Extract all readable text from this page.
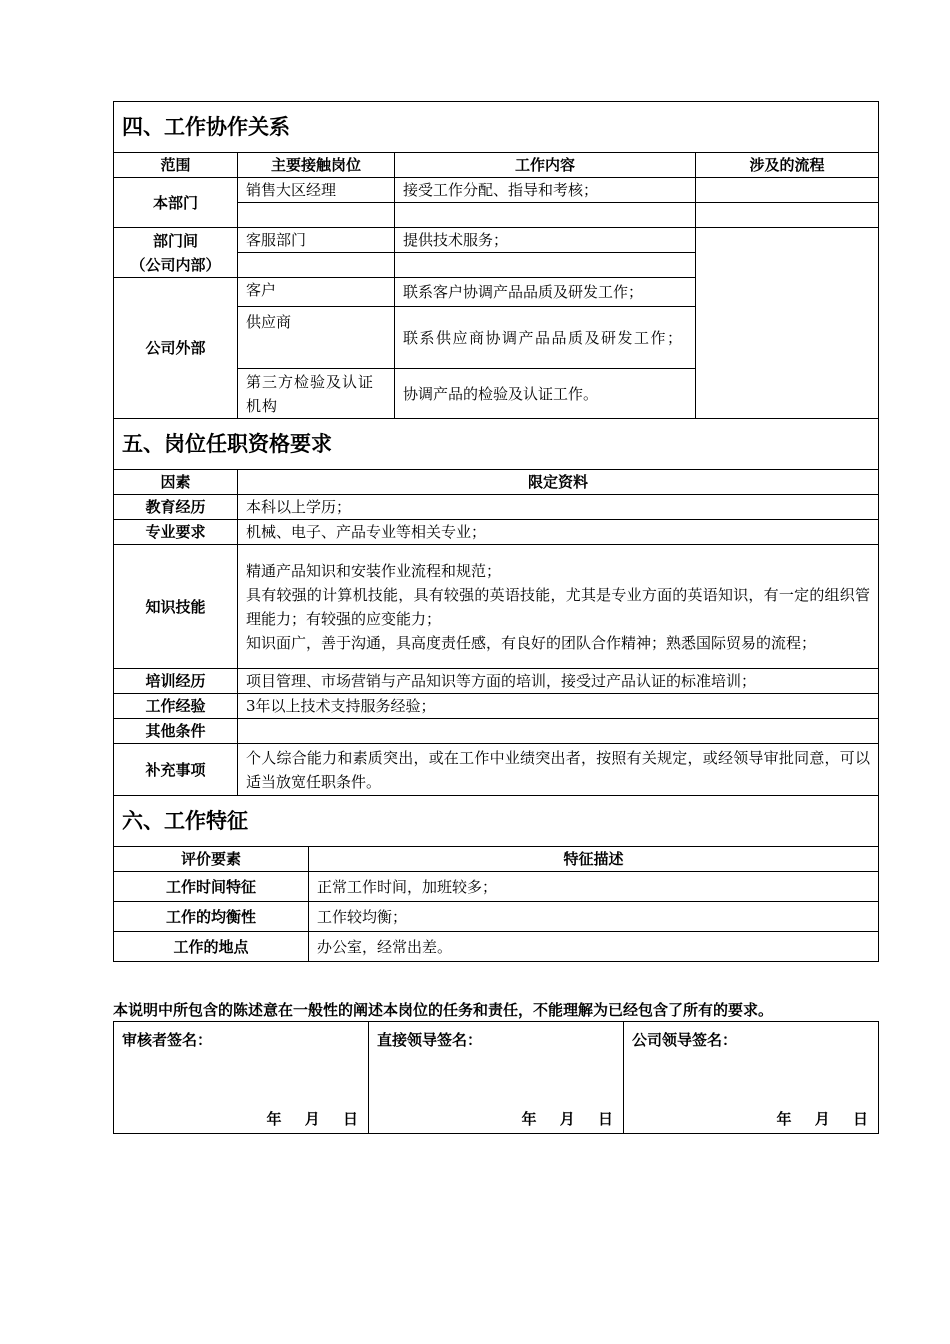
四、工作协作关系			
范围	主要接触岗位	工作内容	涉及的流程
本部门	销售大区经理	接受工作分配、指导和考核；	

部门间
（公司内部）	客服部门	提供技术服务；	

公司外部	客户	联系客户协调产品品质及研发工作；	
	供应商	联系供应商协调产品品质及研发工作；	
	第三方检验及认证机构	协调产品的检验及认证工作。	
五、岗位任职资格要求	
因素	限定资料
教育经历	本科以上学历；
专业要求	机械、电子、产品专业等相关专业；
知识技能	精通产品知识和安装作业流程和规范；
具有较强的计算机技能，具有较强的英语技能，尤其是专业方面的英语知识，有一定的组织管理能力；有较强的应变能力；
知识面广，善于沟通，具高度责任感，有良好的团队合作精神；熟悉国际贸易的流程；

培训经历	项目管理、市场营销与产品知识等方面的培训，接受过产品认证的标准培训；
工作经验	3年以上技术支持服务经验；
其他条件	
补充事项	个人综合能力和素质突出，或在工作中业绩突出者，按照有关规定，或经领导审批同意，可以适当放宽任职条件。
六、工作特征	
评价要素	特征描述
工作时间特征	正常工作时间，加班较多；
工作的均衡性	工作较均衡；
工作的地点	办公室，经常出差。
本说明中所包含的陈述意在一般性的阐述本岗位的任务和责任，不能理解为已经包含了所有的要求。
审核者签名：
年 月 日
	直接领导签名：
年 月 日
	公司领导签名：
年 月 日
